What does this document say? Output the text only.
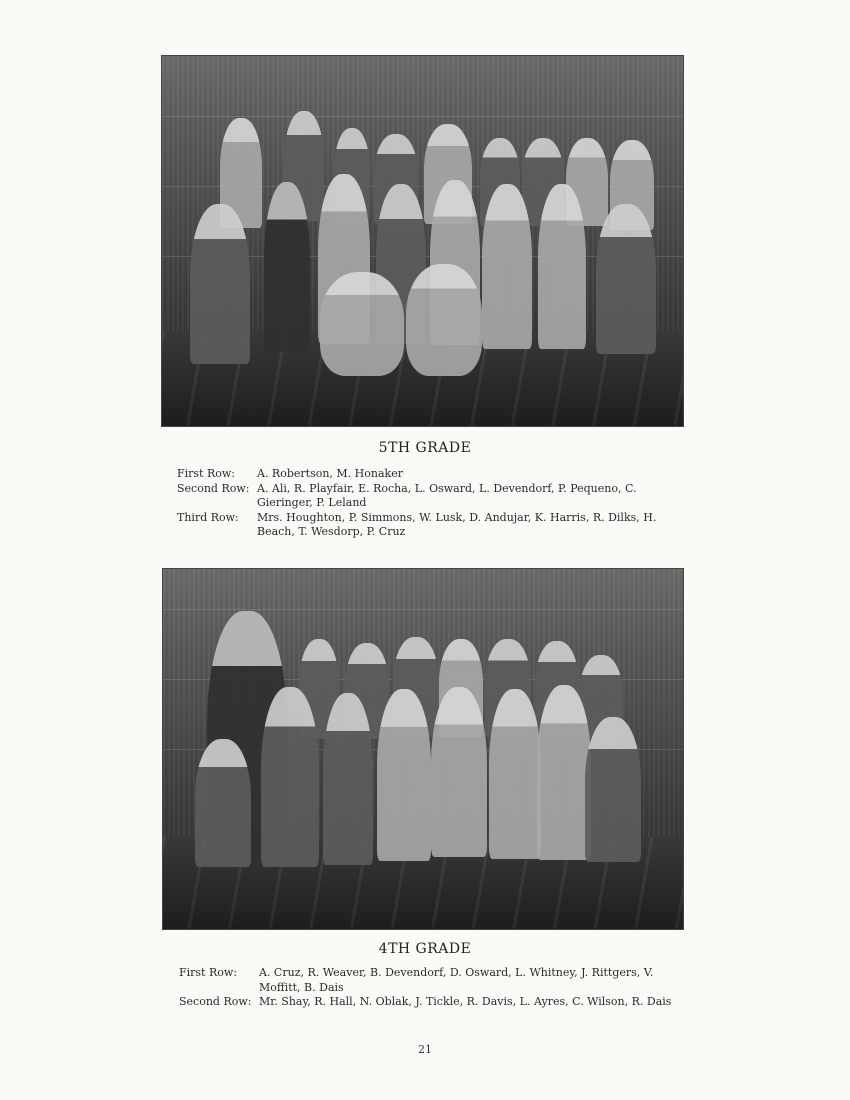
5TH GRADE
First Row:	A. Robertson, M. Honaker
Second Row: A. Ali, R. Playfair, E. Rocha, L. Osward, L. Devendorf, P. Pequeno, C. Gieringer, P. Leland
Third Row:	Mrs. Houghton, P. Simmons, W. Lusk, D. Andujar, K. Harris, R. Dilks, H. Beach, T. Wesdorp, P. Cruz
4TH GRADE
First Row:	A. Cruz, R. Weaver, B. Devendorf, D. Osward, L. Whitney, J. Rittgers, V. Moffitt, B. Dais
Second Row: Mr. Shay, R. Hall, N. Oblak, J. Tickle, R. Davis, L. Ayres, C. Wilson, R. Dais
21
